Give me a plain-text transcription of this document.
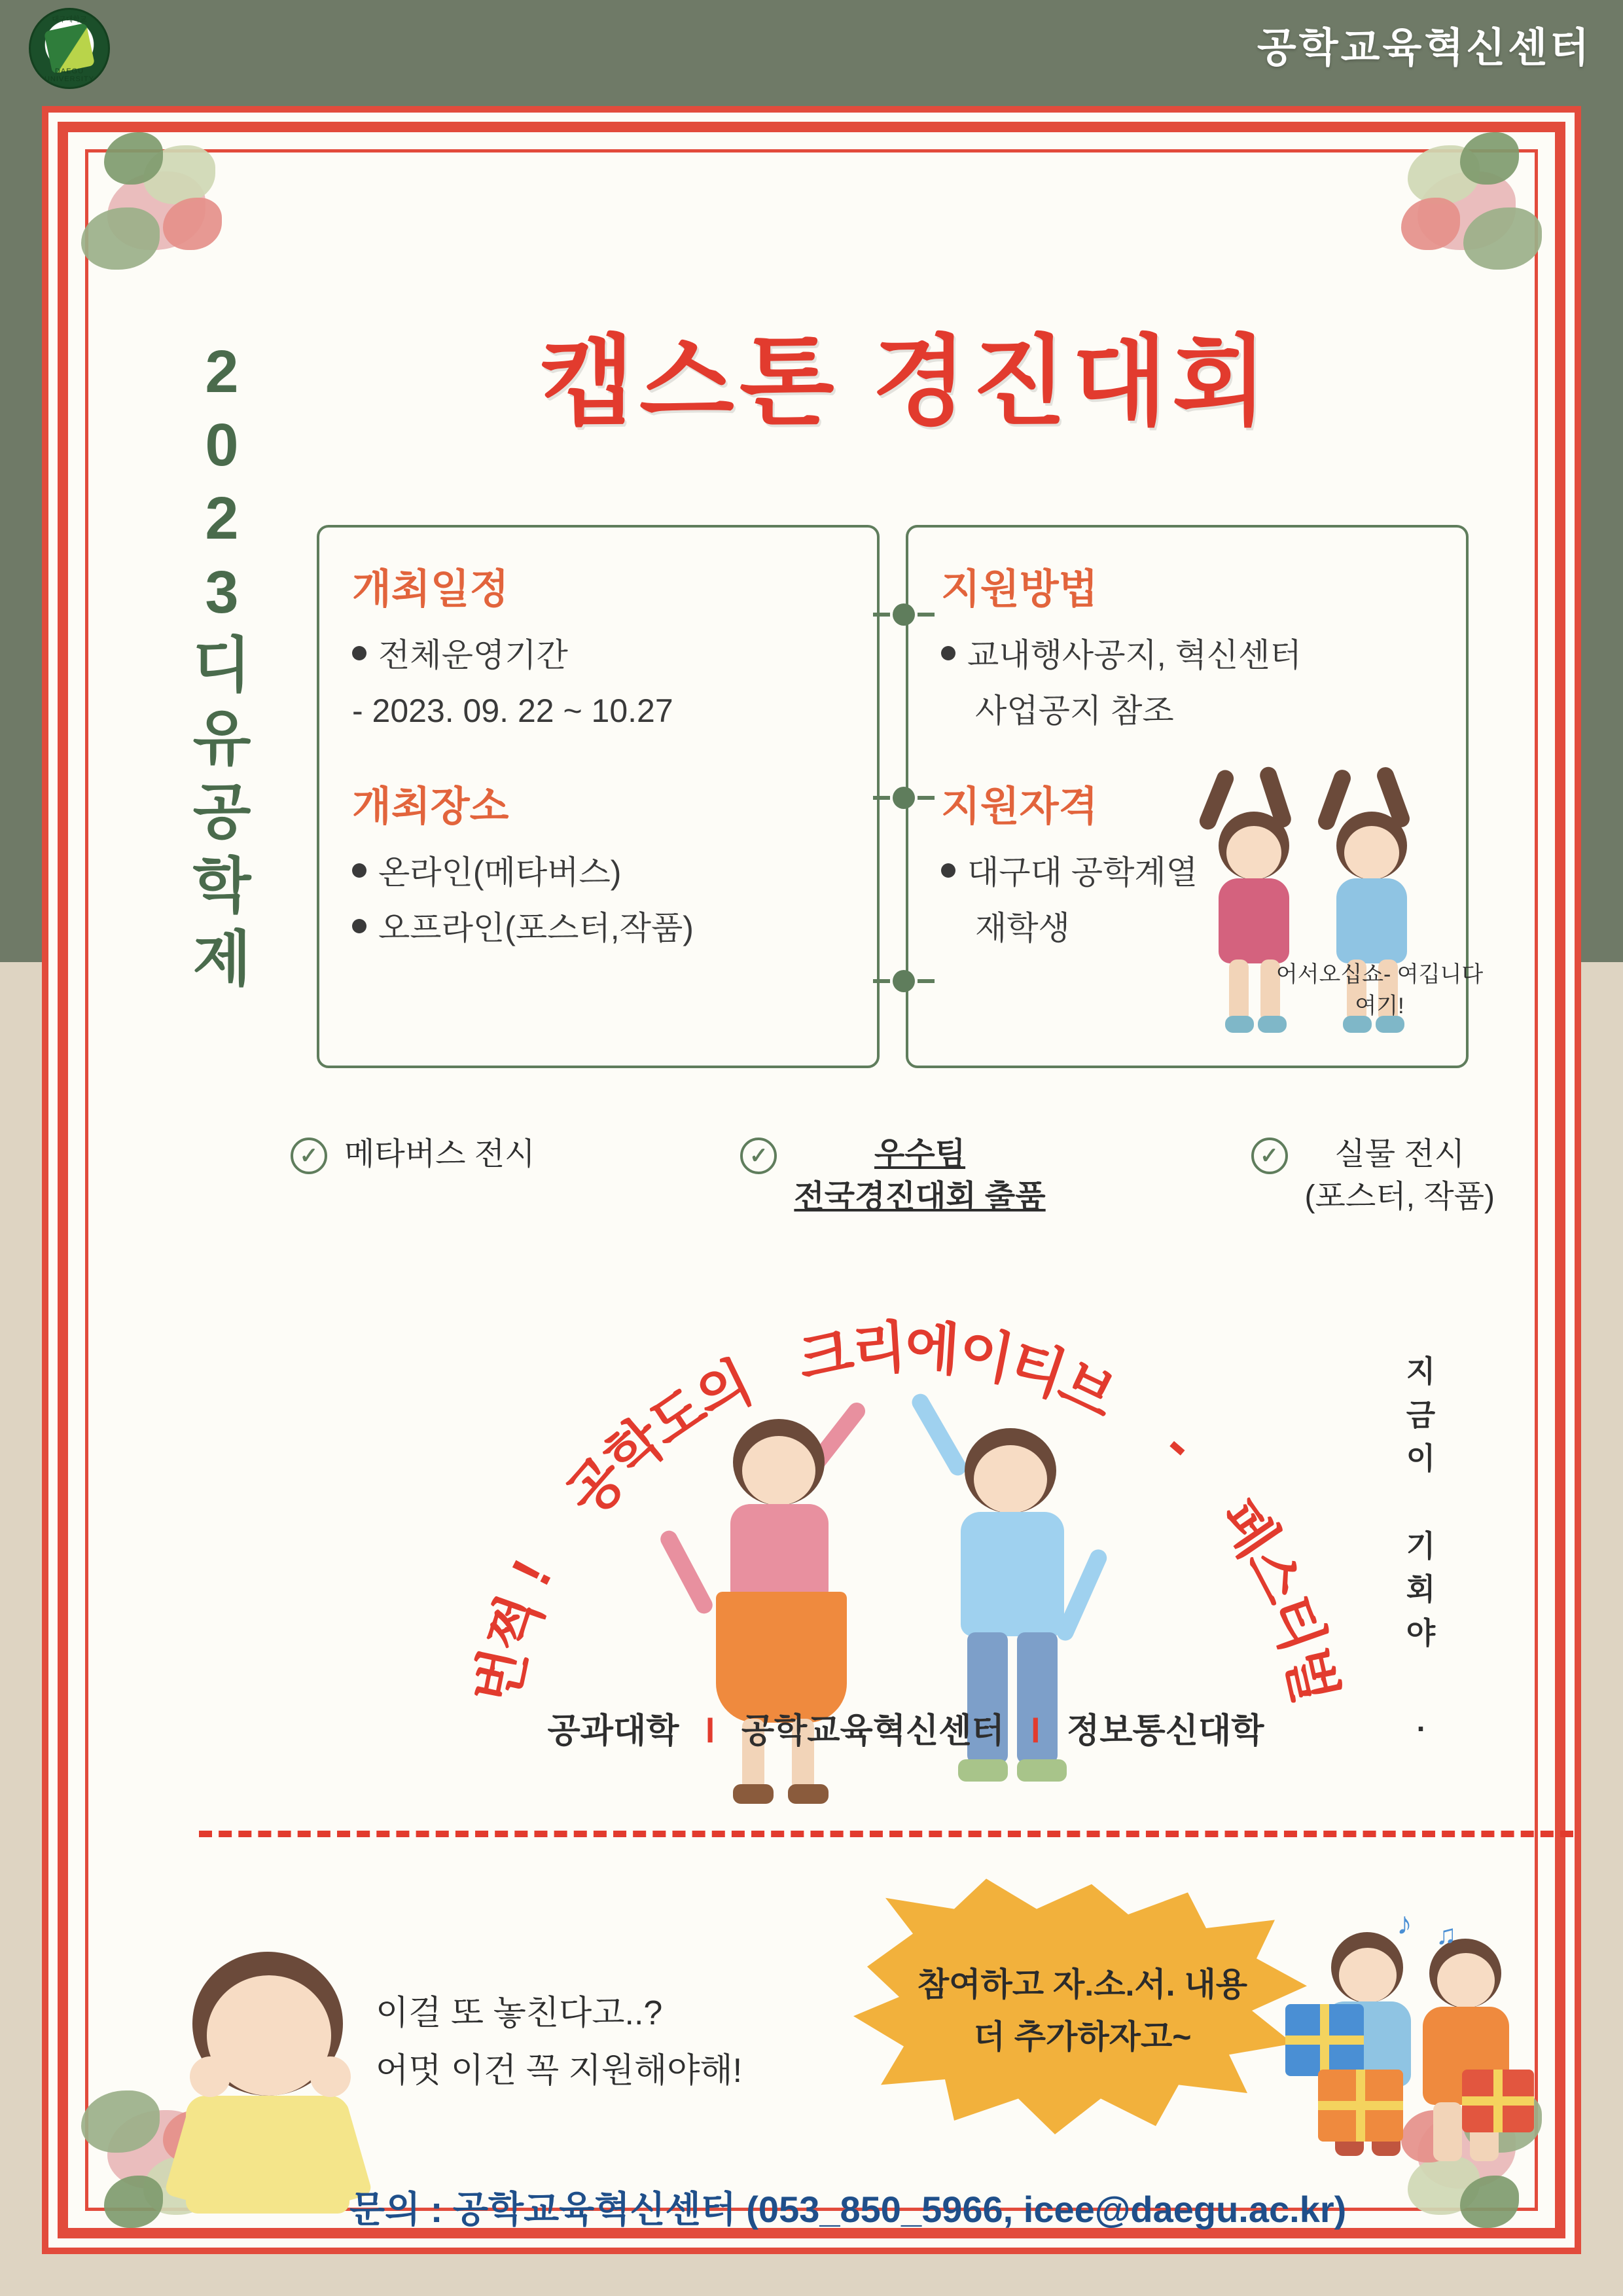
대구대학교
DAEGU UNIVERSITY
공학교육혁신센터
2
0
2
3
디
유
공
학
제
캡스톤 경진대회
개최일정
전체운영기간
- 2023. 09. 22 ~ 10.27
개최장소
온라인(메타버스)
오프라인(포스터,작품)
지원방법
교내행사공지, 혁신센터
사업공지 참조
지원자격
대구대 공학계열
재학생
어서오십쇼- 여깁니다 여기!
✓ 메타버스 전시	✓	우수팀
전국경진대회 출품
✓	실물 전시
(포스터, 작품)
번
쩍
!

공
학
도
의
크
리
에
이
티
브

-

페
스
티
벌
공과대학 l 공학교육혁신센터 l 정보통신대학
지
금
이

기
회
야

.
이걸 또 놓친다고..?
어멋 이건 꼭 지원해야해!
참여하고 자.소.서. 내용
더 추가하자고~
♪ ♫
문의 : 공학교육혁신센터 (053_850_5966, icee@daegu.ac.kr)
